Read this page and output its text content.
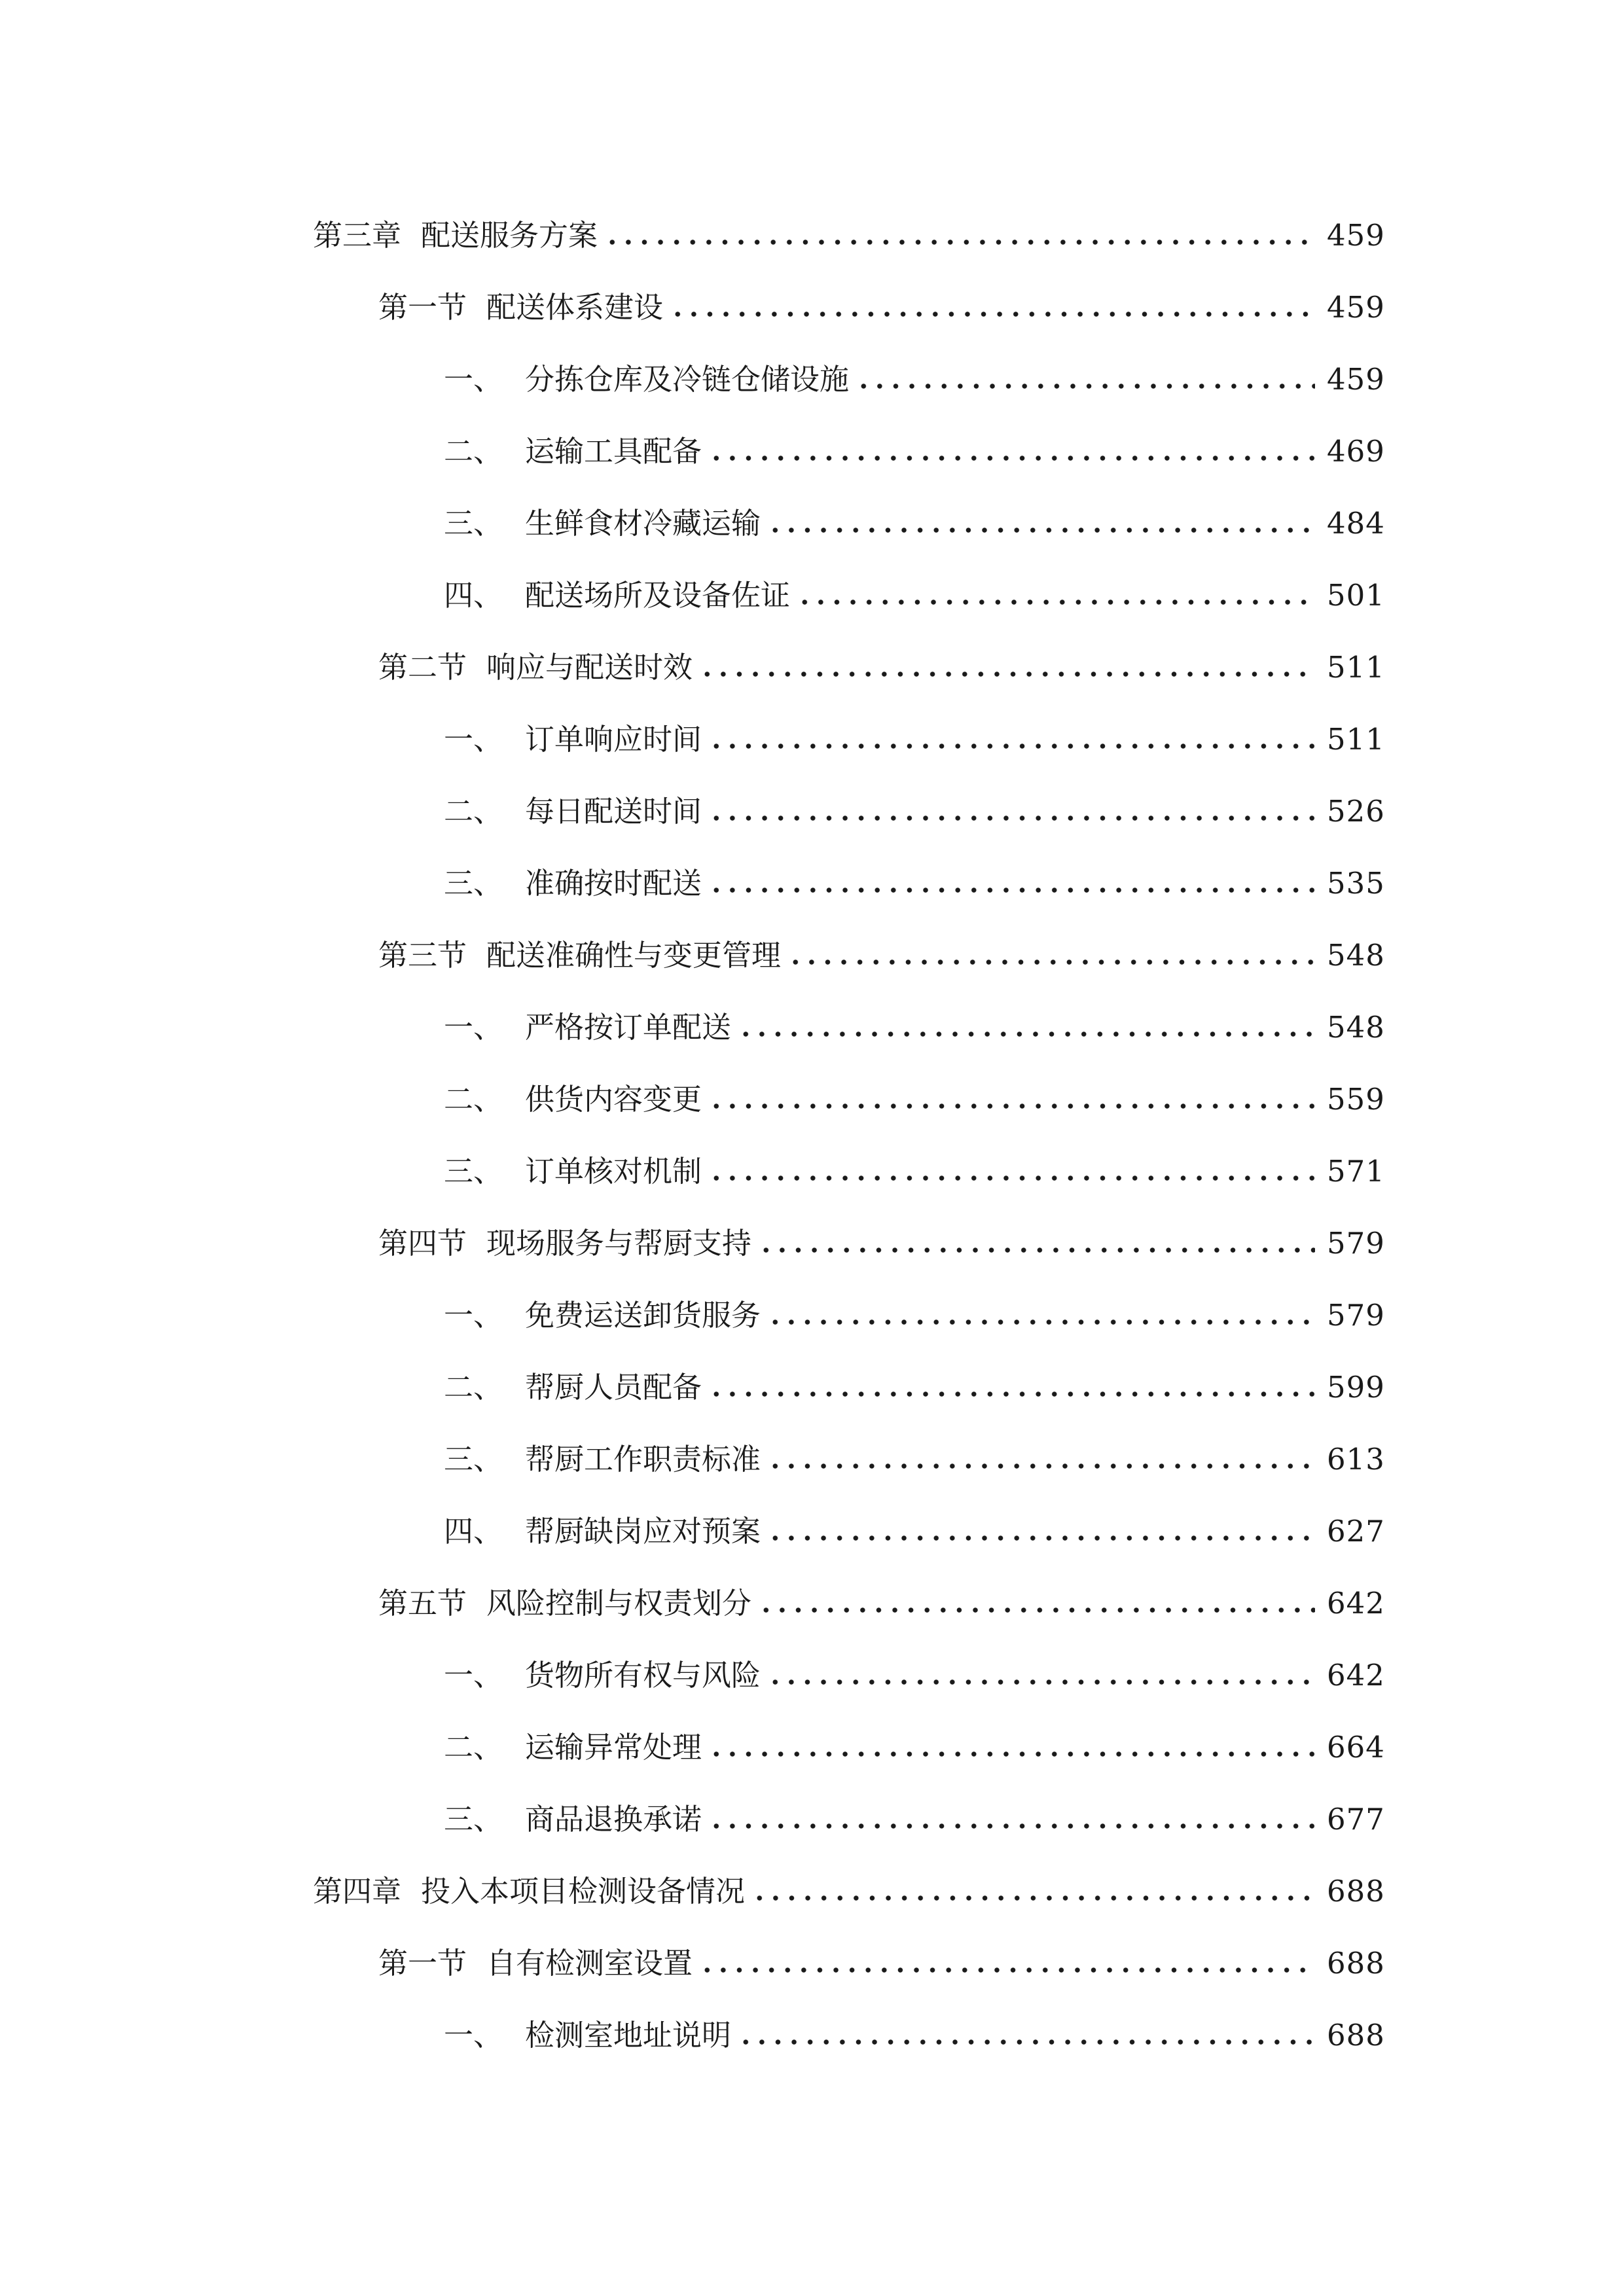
第三章 配送服务方案	459
第一节 配送体系建设	459
一、 分拣仓库及冷链仓储设施	459
二、 运输工具配备	469
三、 生鲜食材冷藏运输	484
四、 配送场所及设备佐证	501
第二节 响应与配送时效	511
一、 订单响应时间	511
二、 每日配送时间	526
三、 准确按时配送	535
第三节 配送准确性与变更管理	548
一、 严格按订单配送	548
二、 供货内容变更	559
三、 订单核对机制	571
第四节 现场服务与帮厨支持	579
一、 免费运送卸货服务	579
二、 帮厨人员配备	599
三、 帮厨工作职责标准	613
四、 帮厨缺岗应对预案	627
第五节 风险控制与权责划分	642
一、 货物所有权与风险	642
二、 运输异常处理	664
三、 商品退换承诺	677
第四章 投入本项目检测设备情况	688
第一节 自有检测室设置	688
一、 检测室地址说明	688
